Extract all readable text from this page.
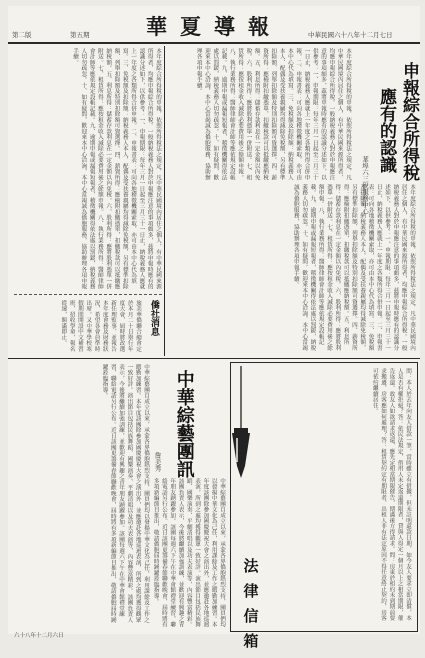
第二版	第五期	華夏導報	中華民國六十八年十二月七日
申報綜合所得稅
應有的認識
華埠六三稅服務中心
本年度綜合所得稅的申報，依照所得稅法之規定，凡中華民國境內居住之個人，有中華民國來源所得者，均應申報綜合所得稅。一般納稅義務人對於申報應注意的事項頗多，茲將申報時應有的認識分述如下，以供參考：一、申報期限：每年三月一日起至三月三十一日止，納稅義務人應就上一年度之各類所得合併申報。二、申報書表：可向各地稽徵機關索取，亦可由本中心代為填寫。三、免稅額及扣除額：納稅義務人本人、配偶及受扶養親屬均得減除免稅額，另有標準扣除額、列舉扣除額及特別扣除額可資選擇。四、薪資所得：應檢附扣繳憑單，扣繳稅款可以抵繳應納稅額。五、利息所得：儲蓄存款利息在一定金額以內免稅。六、股利所得：應將股利憑單一併附送。七、租賃所得：應按租金收入減除必要費用後之餘額申報。八、執行業務所得：醫師律師會計師等應依規定設帳記載。九、逾期申報或漏報短報者，稽徵機關得依法處以罰鍰，納稅義務人切勿疏忽。十、如有疑問，歡迎來本中心洽詢，本中心當竭誠為僑胞服務，協助辦理各項申報手續。
本年度綜合所得稅的申報，依照所得稅法之規定，凡中華民國境內居住之個人，有中華民國來源所得者，均應申報綜合所得稅。一般納稅義務人對於申報應注意的事項頗多，茲將申報時應有的認識分述如下，以供參考：一、申報期限：每年三月一日起至三月三十一日止，納稅義務人應就上一年度之各類所得合併申報。二、申報書表：可向各地稽徵機關索取，亦可由本中心代為填寫。三、免稅額及扣除額：納稅義務人本人、配偶及受扶養親屬均得減除免稅額，另有標準扣除額、列舉扣除額及特別扣除額可資選擇。四、薪資所得：應檢附扣繳憑單，扣繳稅款可以抵繳應納稅額。五、利息所得：儲蓄存款利息在一定金額以內免稅。六、股利所得：應將股利憑單一併附送。七、租賃所得：應按租金收入減除必要費用後之餘額申報。八、執行業務所得：醫師律師會計師等應依規定設帳記載。九、逾期申報或漏報短報者，稽徵機關得依法處以罰鍰，納稅義務人切勿疏忽。十、如有疑問，歡迎來本中心洽詢，本中心當竭誠為僑胞服務，協助辦理各項申報手續。
本年度綜合所得稅的申報，依照所得稅法之規定，凡中華民國境內居住之個人，有中華民國來源所得者，均應申報綜合所得稅。一般納稅義務人對於申報應注意的事項頗多，茲將申報時應有的認識分述如下，以供參考：一、申報期限：每年三月一日起至三月三十一日止，納稅義務人應就上一年度之各類所得合併申報。二、申報書表：可向各地稽徵機關索取，亦可由本中心代為填寫。三、免稅額及扣除額：納稅義務人本人、配偶及受扶養親屬均得減除免稅額，另有標準扣除額、列舉扣除額及特別扣除額可資選擇。四、薪資所得：應檢附扣繳憑單，扣繳稅款可以抵繳應納稅額。五、利息所得：儲蓄存款利息在一定金額以內免稅。六、股利所得：應將股利憑單一併附送。七、租賃所得：應按租金收入減除必要費用後之餘額申報。八、執行業務所得：醫師律師會計師等應依規定設帳記載。九、逾期申報或漏報短報者，稽徵機關得依法處以罰鍰，納稅義務人切勿疏忽。十、如有疑問，歡迎來本中心洽詢，本中心當竭誠為僑胞服務，協助辦理各項申報手續。
僑社消息
旅美華僑聯合總會定於本月二十日舉行年度大會，屆時將改選新任理監事，並報告本年度會務及財務狀況，希望各會員準時出席。又中華學校寒假期間開設中文補習班，招收學童，報名從速，額滿即止。
中華綜藝團訊
詹美秀
中華綜藝團自成立以來，承蒙各界僑胞熱烈支持，團員們均以發揚中華文化為己任，利用課餘及工作之暇勤加練習。本年度該團除參加國慶慶祝大會之演出外，並應邀赴各地巡迴表演，所到之處均獲得觀眾一致好評。演出節目包括民族舞蹈、國樂演奏、平劇清唱以及功夫表演等，內容豐富精彩。該團負責人表示，今後將繼續加強訓練，並歡迎有興趣之青年朋友踴躍參加。該團每週六下午在中華會館禮堂練習，聯絡電話另行公布。近日該團更籌備春節聯歡晚會，屆時將有多項新編節目推出，敬請僑胞屆時踴躍蒞臨指導。
中華綜藝團自成立以來，承蒙各界僑胞熱烈支持，團員們均以發揚中華文化為己任，利用課餘及工作之暇勤加練習。本年度該團除參加國慶慶祝大會之演出外，並應邀赴各地巡迴表演，所到之處均獲得觀眾一致好評。演出節目包括民族舞蹈、國樂演奏、平劇清唱以及功夫表演等，內容豐富精彩。該團負責人表示，今後將繼續加強訓練，並歡迎有興趣之青年朋友踴躍參加。該團每週六下午在中華會館禮堂練習，聯絡電話另行公布。近日該團更籌備春節聯歡晚會，屆時將有多項新編節目推出，敬請僑胞屆時踴躍蒞臨指導。
法律信箱	問：本人於去年向友人借款一筆，當時雖立有借據，但未註明還款日期，如今友人要求立即清償，本人是否有權拒絕？答：依民法規定，借用人未定返還期限者，貸與人得定一個月以上之相當期限，催告返還。故友人如欲請求返還，應先定相當期限催告，期滿後方得請求。問：房東於租約未到期前要求搬遷，房客應如何處理？答：租賃契約定有期限者，出租人非有法定原因不得任意終止契約，房客可依約繼續居住。
六十八年十二月六日
